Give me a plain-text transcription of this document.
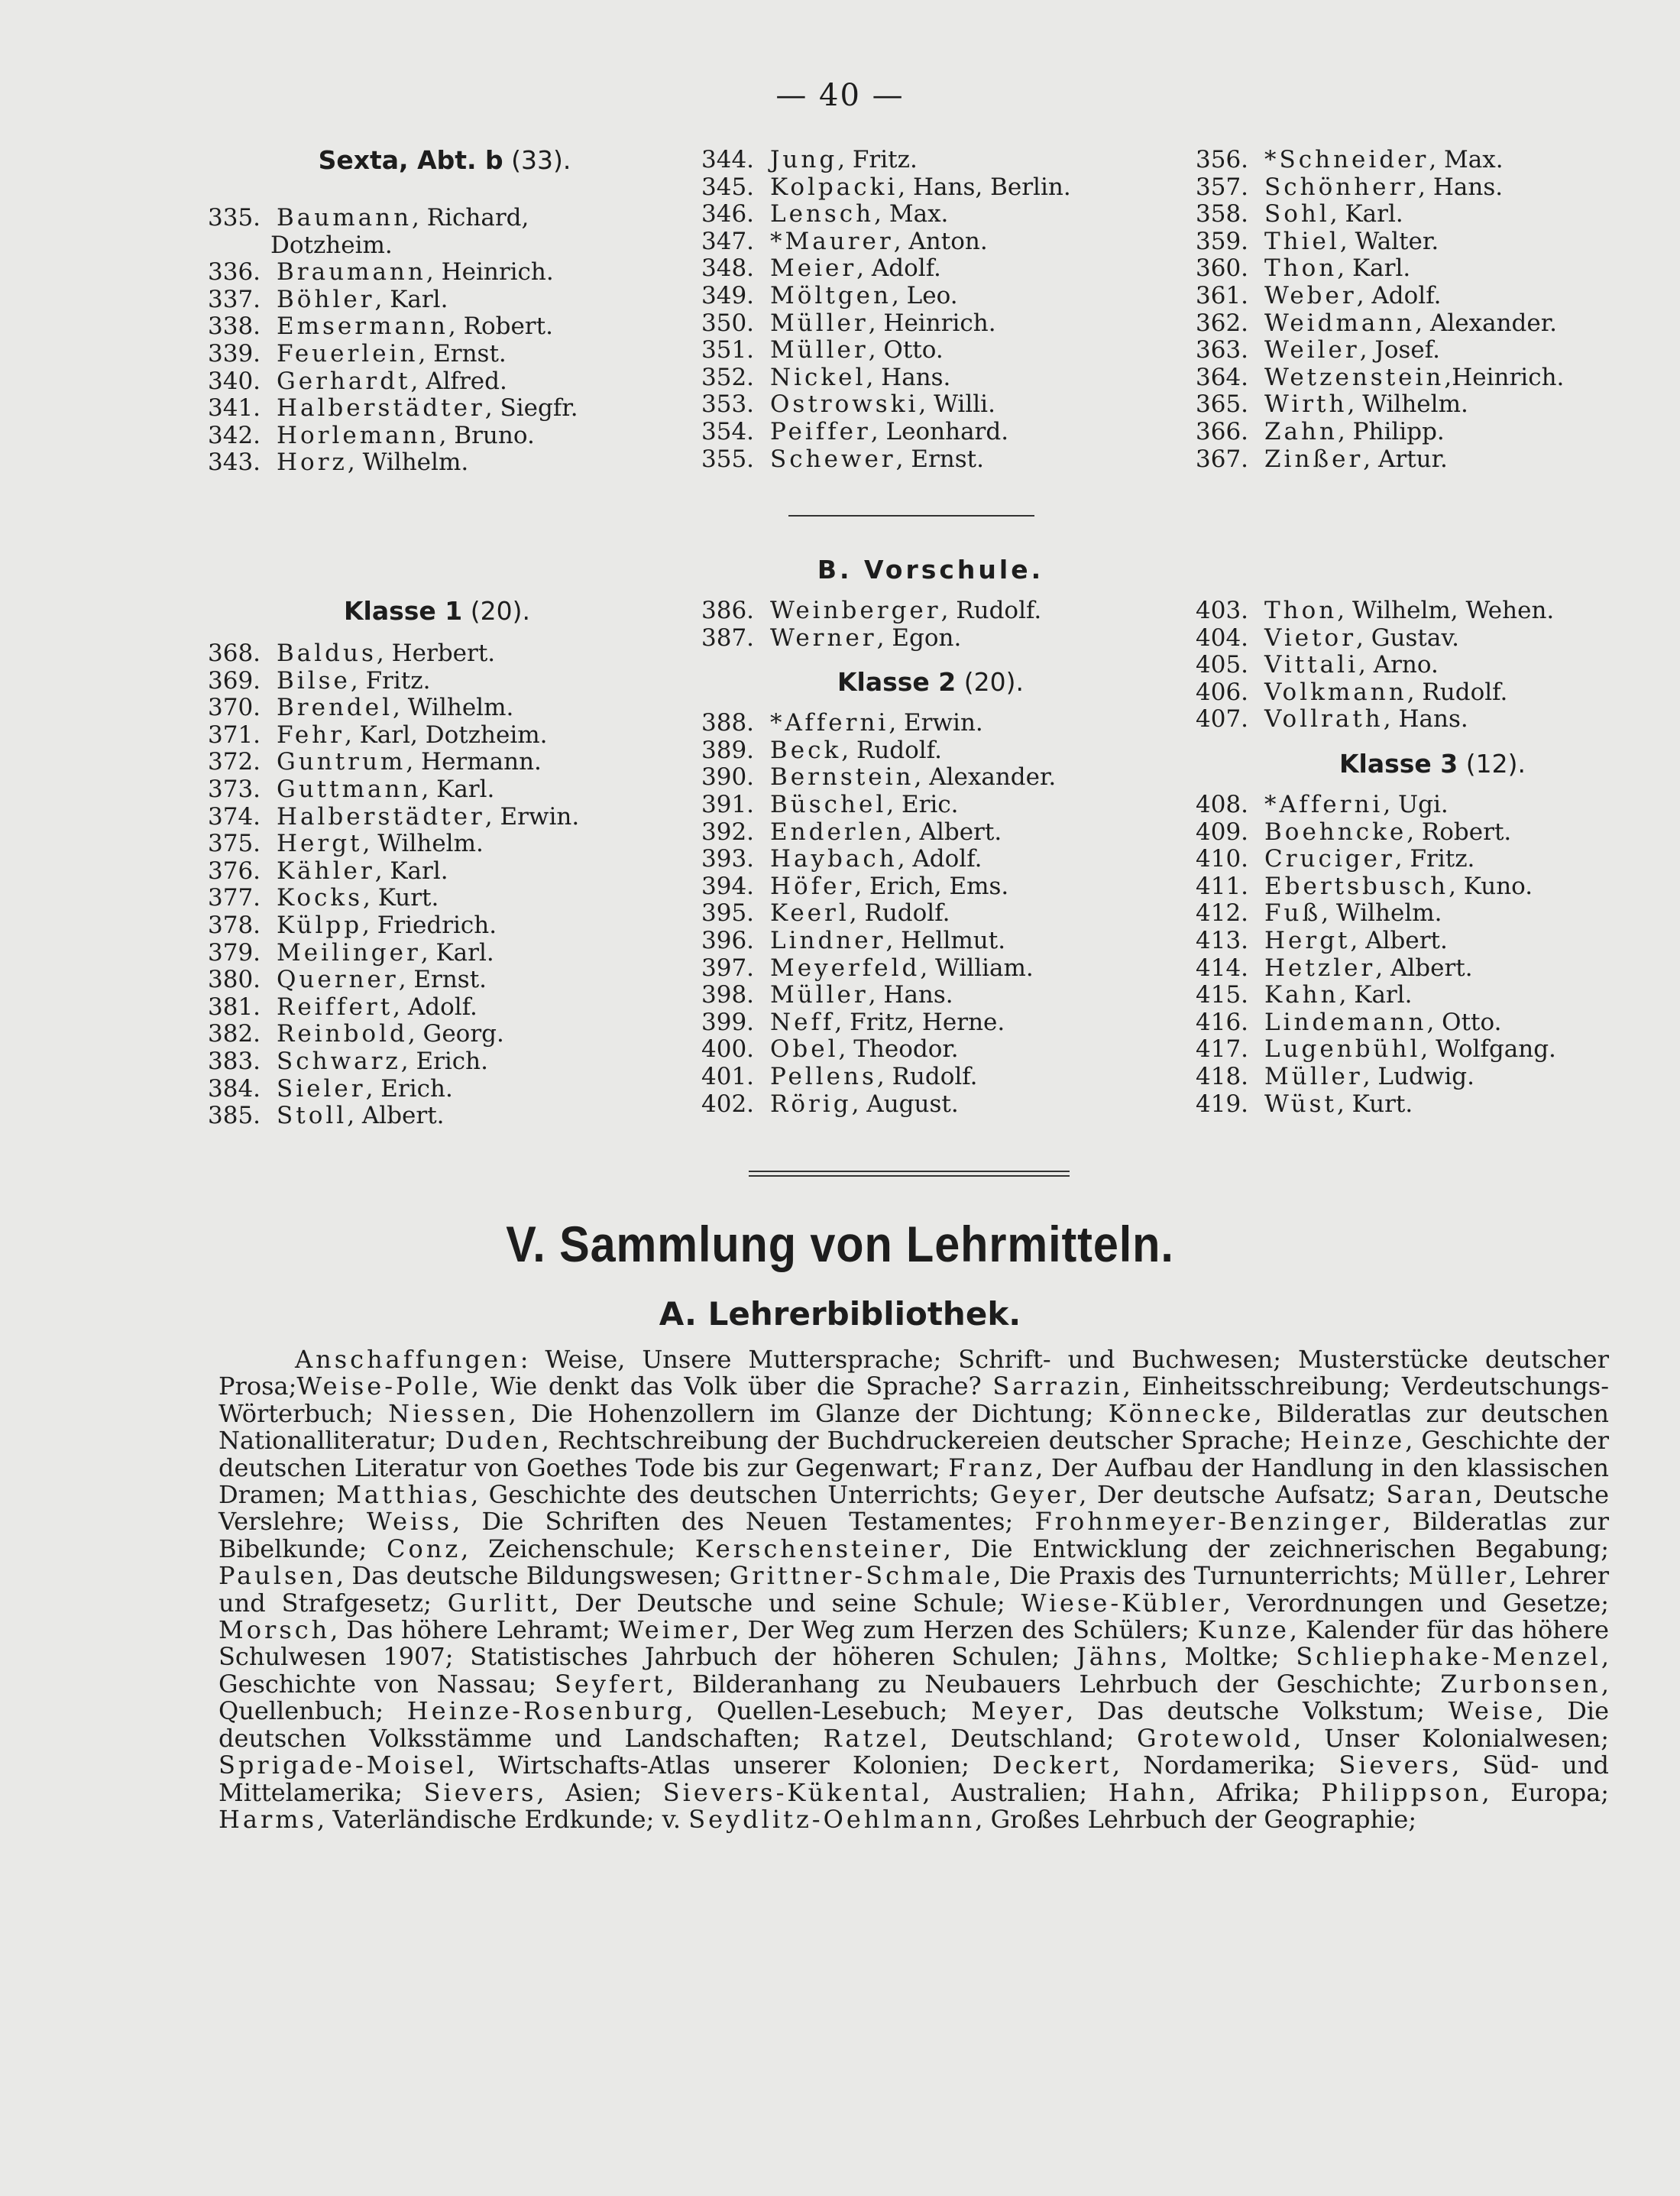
— 40 —
Sexta, Abt. b (33).
335. Baumann, Richard,
Dotzheim.
336. Braumann, Heinrich.
337. Böhler, Karl.
338. Emsermann, Robert.
339. Feuerlein, Ernst.
340. Gerhardt, Alfred.
341. Halberstädter, Siegfr.
342. Horlemann, Bruno.
343. Horz, Wilhelm.
344. Jung, Fritz.
345. Kolpacki, Hans, Berlin.
346. Lensch, Max.
347. *Maurer, Anton.
348. Meier, Adolf.
349. Möltgen, Leo.
350. Müller, Heinrich.
351. Müller, Otto.
352. Nickel, Hans.
353. Ostrowski, Willi.
354. Peiffer, Leonhard.
355. Schewer, Ernst.
356. *Schneider, Max.
357. Schönherr, Hans.
358. Sohl, Karl.
359. Thiel, Walter.
360. Thon, Karl.
361. Weber, Adolf.
362. Weidmann, Alexander.
363. Weiler, Josef.
364. Wetzenstein,Heinrich.
365. Wirth, Wilhelm.
366. Zahn, Philipp.
367. Zinßer, Artur.
B. Vorschule.
Klasse 1 (20).
368. Baldus, Herbert.
369. Bilse, Fritz.
370. Brendel, Wilhelm.
371. Fehr, Karl, Dotzheim.
372. Guntrum, Hermann.
373. Guttmann, Karl.
374. Halberstädter, Erwin.
375. Hergt, Wilhelm.
376. Kähler, Karl.
377. Kocks, Kurt.
378. Külpp, Friedrich.
379. Meilinger, Karl.
380. Querner, Ernst.
381. Reiffert, Adolf.
382. Reinbold, Georg.
383. Schwarz, Erich.
384. Sieler, Erich.
385. Stoll, Albert.
386. Weinberger, Rudolf.
387. Werner, Egon.
Klasse 2 (20).
388. *Afferni, Erwin.
389. Beck, Rudolf.
390. Bernstein, Alexander.
391. Büschel, Eric.
392. Enderlen, Albert.
393. Haybach, Adolf.
394. Höfer, Erich, Ems.
395. Keerl, Rudolf.
396. Lindner, Hellmut.
397. Meyerfeld, William.
398. Müller, Hans.
399. Neff, Fritz, Herne.
400. Obel, Theodor.
401. Pellens, Rudolf.
402. Rörig, August.
403. Thon, Wilhelm, Wehen.
404. Vietor, Gustav.
405. Vittali, Arno.
406. Volkmann, Rudolf.
407. Vollrath, Hans.
Klasse 3 (12).
408. *Afferni, Ugi.
409. Boehncke, Robert.
410. Cruciger, Fritz.
411. Ebertsbusch, Kuno.
412. Fuß, Wilhelm.
413. Hergt, Albert.
414. Hetzler, Albert.
415. Kahn, Karl.
416. Lindemann, Otto.
417. Lugenbühl, Wolfgang.
418. Müller, Ludwig.
419. Wüst, Kurt.
V. Sammlung von Lehrmitteln.
A. Lehrerbibliothek.

Anschaffungen: Weise, Unsere Muttersprache; Schrift- und Buchwesen; Musterstücke deutscher Prosa;Weise-Polle, Wie denkt das Volk über die Sprache? Sarrazin, Einheitsschreibung; Verdeutschungs-Wörterbuch; Niessen, Die Hohenzollern im Glanze der Dichtung; Könnecke, Bilderatlas zur deutschen Nationalliteratur; Duden, Rechtschreibung der Buchdruckereien deutscher Sprache; Heinze, Geschichte der deutschen Literatur von Goethes Tode bis zur Gegenwart; Franz, Der Aufbau der Handlung in den klassischen Dramen; Matthias, Geschichte des deutschen Unterrichts; Geyer, Der deutsche Aufsatz; Saran, Deutsche Verslehre; Weiss, Die Schriften des Neuen Testamentes; Frohnmeyer-Benzinger, Bilderatlas zur Bibelkunde; Conz, Zeichenschule; Kerschensteiner, Die Entwicklung der zeichnerischen Begabung; Paulsen, Das deutsche Bildungswesen; Grittner-Schmale, Die Praxis des Turnunterrichts; Müller, Lehrer und Strafgesetz; Gurlitt, Der Deutsche und seine Schule; Wiese-Kübler, Verordnungen und Gesetze; Morsch, Das höhere Lehramt; Weimer, Der Weg zum Herzen des Schülers; Kunze, Kalender für das höhere Schulwesen 1907; Statistisches Jahrbuch der höheren Schulen; Jähns, Moltke; Schliephake-Menzel, Geschichte von Nassau; Seyfert, Bilderanhang zu Neubauers Lehrbuch der Geschichte; Zurbonsen, Quellenbuch; Heinze-Rosenburg, Quellen-Lesebuch; Meyer, Das deutsche Volkstum; Weise, Die deutschen Volksstämme und Landschaften; Ratzel, Deutschland; Grotewold, Unser Kolonialwesen; Sprigade-Moisel, Wirtschafts-Atlas unserer Kolonien; Deckert, Nordamerika; Sievers, Süd- und Mittelamerika; Sievers, Asien; Sievers-Kükental, Australien; Hahn, Afrika; Philippson, Europa; Harms, Vaterländische Erdkunde; v. Seydlitz-Oehlmann, Großes Lehrbuch der Geographie;
